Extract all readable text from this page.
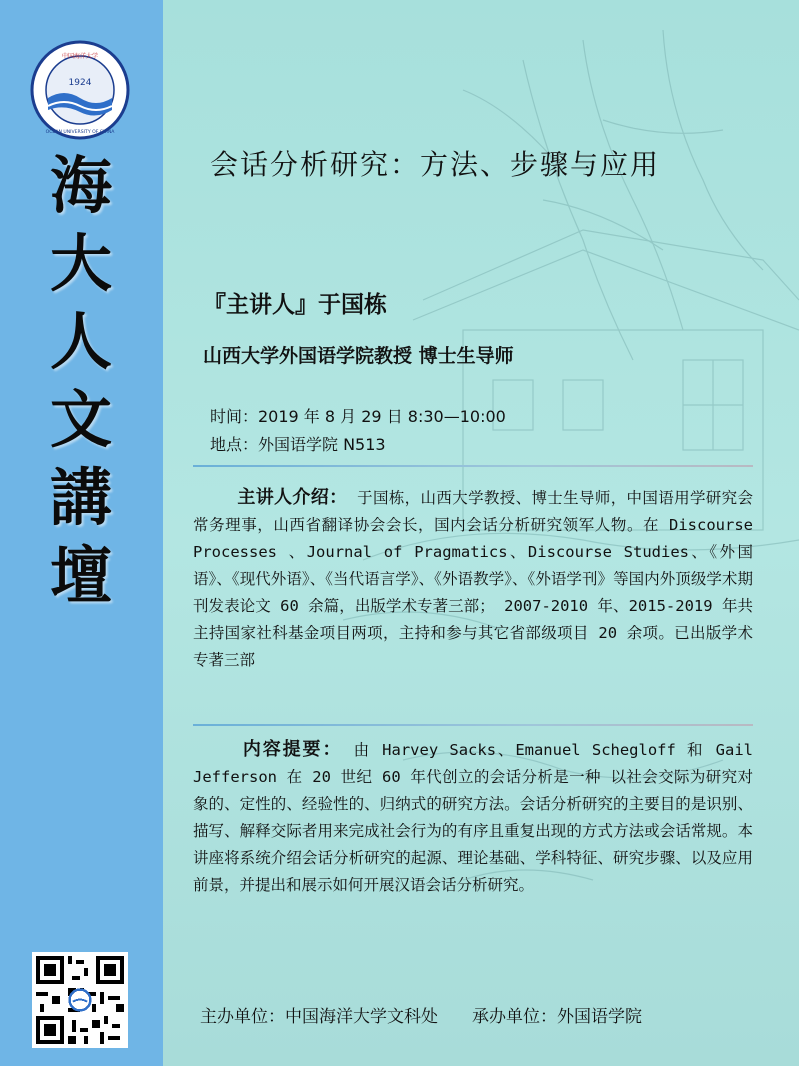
1924
中国海洋大学
OCEAN UNIVERSITY OF CHINA
海
大
人
文
講
壇
会话分析研究：方法、步骤与应用
『主讲人』于国栋
山西大学外国语学院教授 博士生导师
时间：2019 年 8 月 29 日 8:30—10:00
地点：外国语学院 N513
主讲人介绍： 于国栋，山西大学教授、博士生导师，中国语用学研究会常务理事，山西省翻译协会会长，国内会话分析研究领军人物。在 Discourse Processes 、Journal of Pragmatics、Discourse Studies、《外国语》、《现代外语》、《当代语言学》、《外语教学》、《外语学刊》等国内外顶级学术期刊发表论文 60 余篇，出版学术专著三部； 2007-2010 年、2015-2019 年共主持国家社科基金项目两项，主持和参与其它省部级项目 20 余项。已出版学术专著三部
内容提要： 由 Harvey Sacks、Emanuel Schegloff 和 Gail Jefferson 在 20 世纪 60 年代创立的会话分析是一种 以社会交际为研究对象的、定性的、经验性的、归纳式的研究方法。会话分析研究的主要目的是识别、描写、解释交际者用来完成社会行为的有序且重复出现的方式方法或会话常规。本讲座将系统介绍会话分析研究的起源、理论基础、学科特征、研究步骤、以及应用前景，并提出和展示如何开展汉语会话分析研究。
主办单位：中国海洋大学文科处　　承办单位：外国语学院
